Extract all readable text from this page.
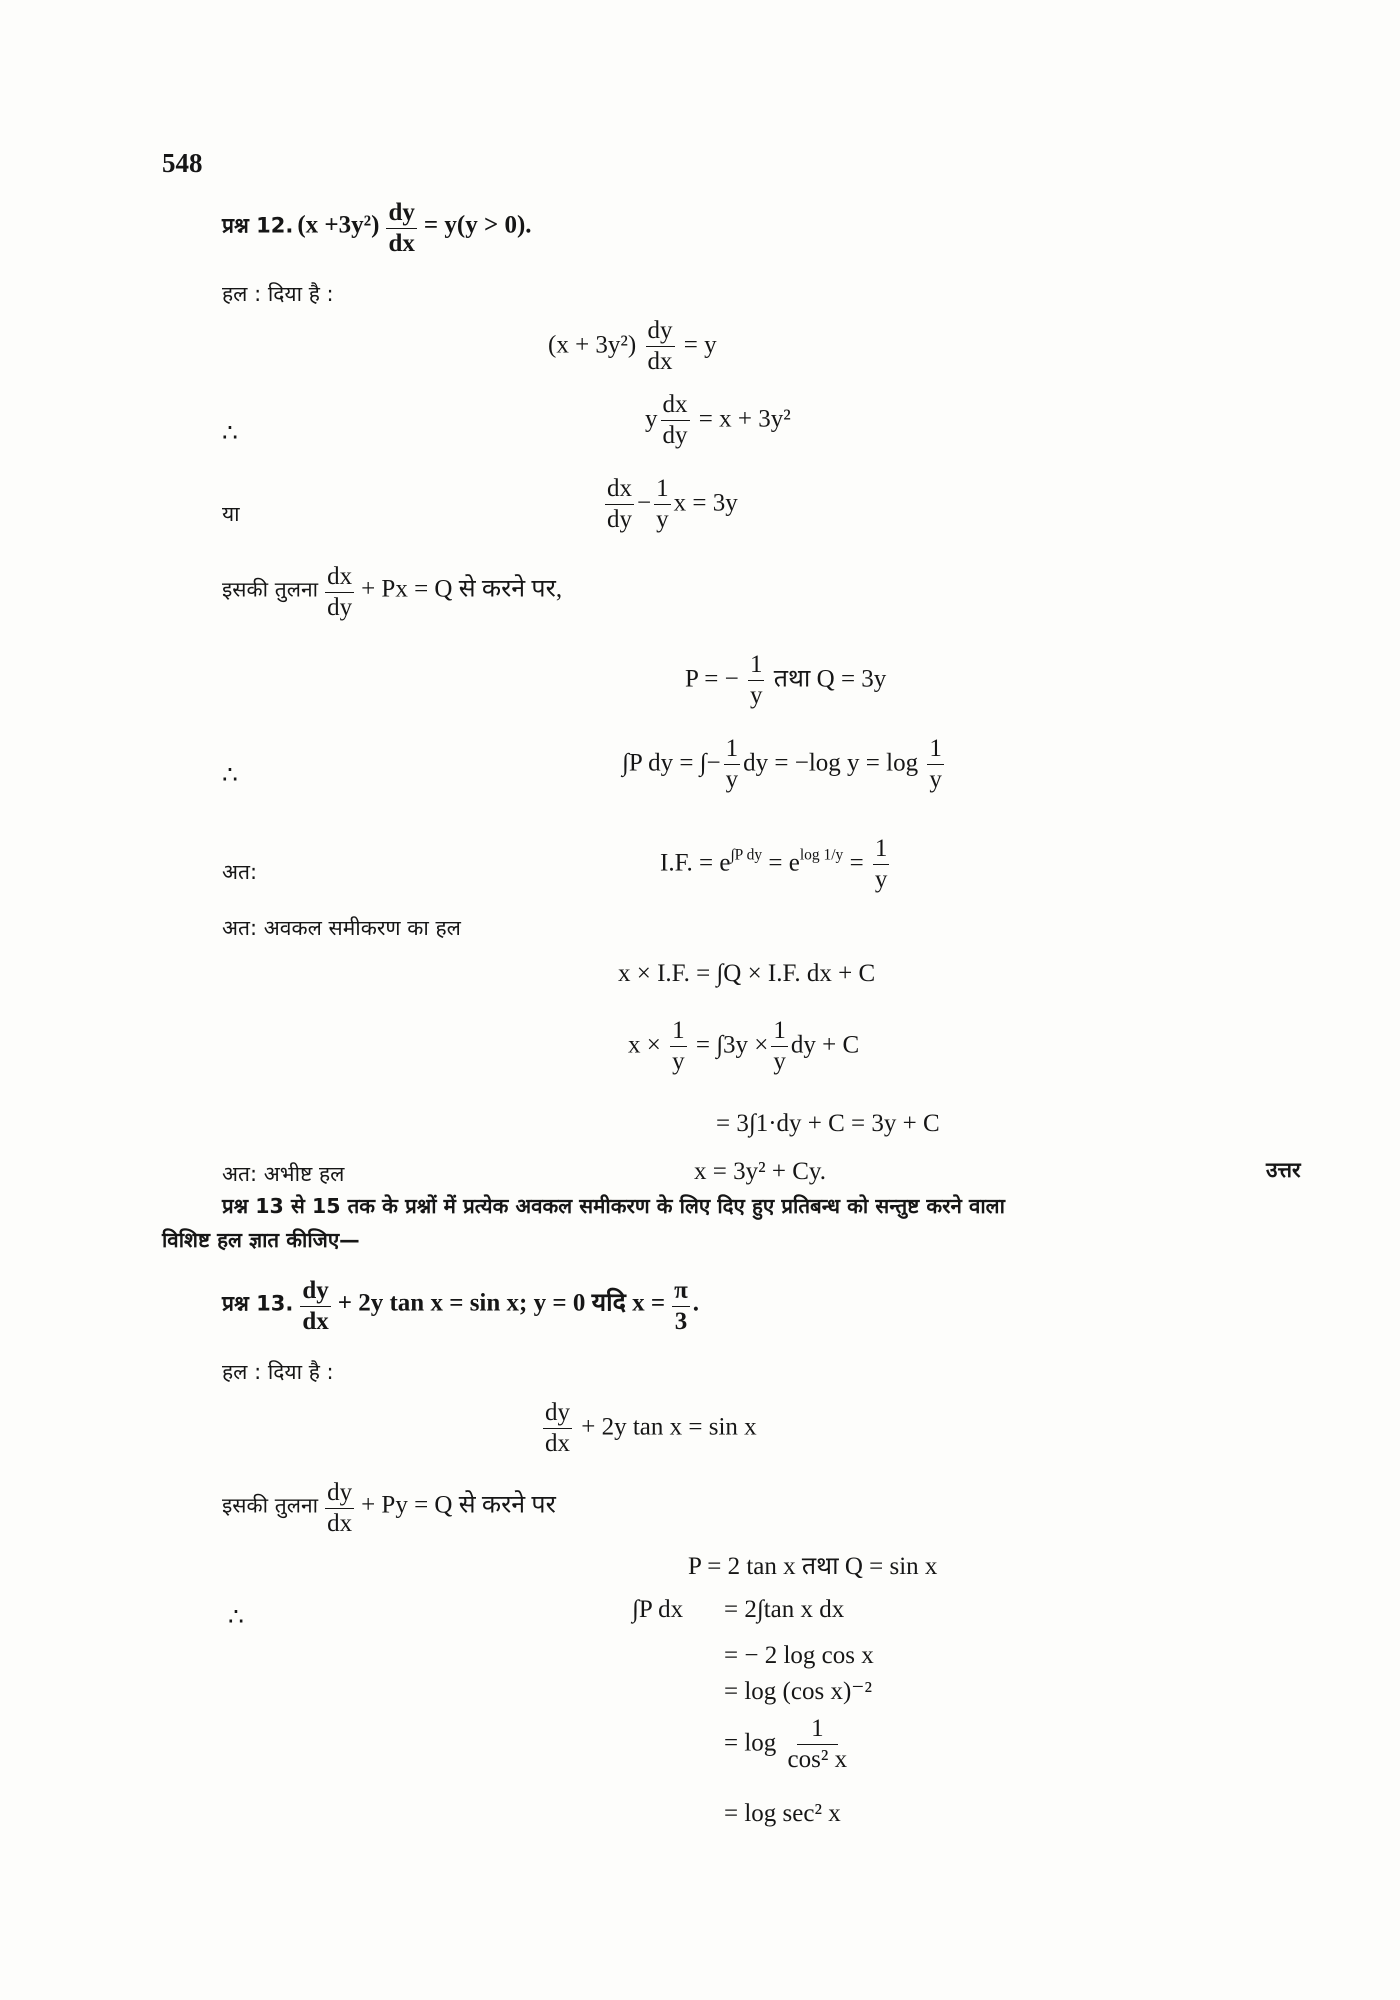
548
प्रश्न 12. $(x +3y^2) \frac{dy}{dx} = y(y > 0)$.
हल : दिया है :
$(x + 3y^2) \frac{dy}{dx} = y$
∴
y $\frac{dx}{dy} = x + 3y^2$
या	$\frac{dx}{dy} - \frac{1}{y}$ x = 3y
इसकी तुलना $\frac{dx}{dy} + Px = Q$ से करने पर,
P = − $\frac{1}{y}$ तथा Q = 3y
∴	∫P dy = ∫− $\frac{1}{y}$ dy = −log $y = \log \frac{1}{y}$
अत:	I.F. = $e^{\int P dy} = e^{log 1/y} = \frac{1}{y}$
अत: अवकल समीकरण का हल
x × I.F. = ∫Q × I.F. dx + C
$x \times \frac{1}{y} = \int 3y \times \frac{1}{y}$ dy + C
= 3∫1·dy + C = 3y + C
अत: अभीष्ट हल	x = 3y² + Cy.	उत्तर
प्रश्न 13 से 15 तक के प्रश्नों में प्रत्येक अवकल समीकरण के लिए दिए हुए प्रतिबन्ध को सन्तुष्ट करने वाला
विशिष्ट हल ज्ञात कीजिए—
प्रश्न 13. $\frac{dy}{dx} + 2y$ tan x = sin x; y = 0 यदि $x = \frac{\pi}{3}$ .
हल : दिया है :
$\frac{dy}{dx} + 2y$ tan x = sin x
इसकी तुलना $\frac{dy}{dx} + Py = Q$ से करने पर
P = 2 tan x तथा Q = sin x
∴	∫P dx = 2∫tan x dx
= − 2 log cos x
= log (cos x)⁻²
= $\log \frac{1}{\text{cos² x}}$
= log sec² x
